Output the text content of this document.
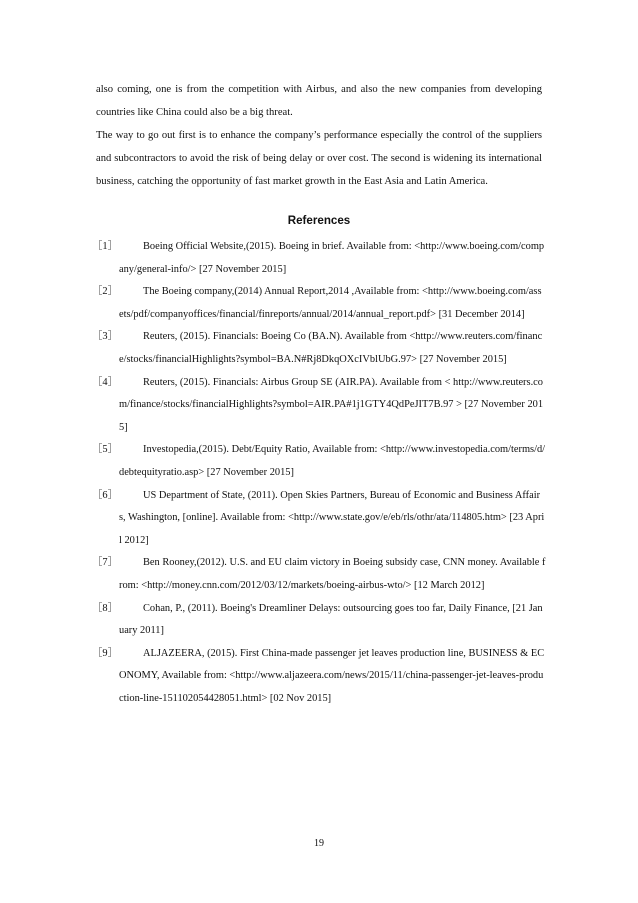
also coming, one is from the competition with Airbus, and also the new companies from developing countries like China could also be a big threat.

The way to go out first is to enhance the company’s performance especially the control of the suppliers and subcontractors to avoid the risk of being delay or over cost. The second is widening its international business, catching the opportunity of fast market growth in the East Asia and Latin America.

References
［1］	Boeing Official Website,(2015). Boeing in brief. Available from: <http://www.boeing.com/company/general-info/> [27 November 2015]
［2］	The Boeing company,(2014) Annual Report,2014 ,Available from: <http://www.boeing.com/assets/pdf/companyoffices/financial/finreports/annual/2014/annual_report.pdf> [31 December 2014]
［3］	Reuters, (2015). Financials: Boeing Co (BA.N). Available from <http://www.reuters.com/finance/stocks/financialHighlights?symbol=BA.N#Rj8DkqOXcIVblUbG.97> [27 November 2015]
［4］	Reuters, (2015). Financials: Airbus Group SE (AIR.PA). Available from < http://www.reuters.com/finance/stocks/financialHighlights?symbol=AIR.PA#1j1GTY4QdPeJIT7B.97 > [27 November 2015]
［5］	Investopedia,(2015). Debt/Equity Ratio, Available from: <http://www.investopedia.com/terms/d/debtequityratio.asp> [27 November 2015]
［6］	US Department of State, (2011). Open Skies Partners, Bureau of Economic and Business Affairs, Washington, [online]. Available from: <http://www.state.gov/e/eb/rls/othr/ata/114805.htm> [23 April 2012]
［7］	Ben Rooney,(2012). U.S. and EU claim victory in Boeing subsidy case, CNN money. Available from: <http://money.cnn.com/2012/03/12/markets/boeing-airbus-wto/> [12 March 2012]
［8］	Cohan, P., (2011). Boeing's Dreamliner Delays: outsourcing goes too far, Daily Finance, [21 January 2011]
［9］	ALJAZEERA, (2015). First China-made passenger jet leaves production line, BUSINESS & ECONOMY, Available from: <http://www.aljazeera.com/news/2015/11/china-passenger-jet-leaves-production-line-151102054428051.html> [02 Nov 2015]
19
